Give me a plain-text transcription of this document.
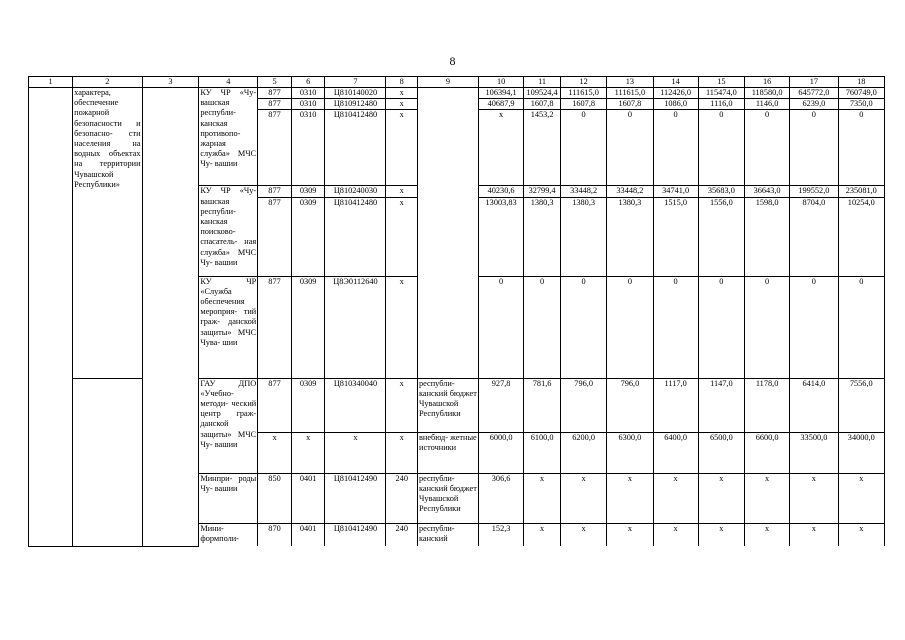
8
1	2	3	4	5	6	7	8	9	10	11	12	13	14	15	16	17	18
	характера, обеспечение пожарной безопасности и безопасно- сти населения на водных объектах на территории Чувашской Республики»		КУ ЧР «Чу- вашская республи- канская противопо- жарная служба» МЧС Чу- вашии	877	0310	Ц810140020	х		106394,1	109524,4	111615,0	111615,0	112426,0	115474,0	118580,0	645772,0	760749,0
				877	0310	Ц810912480	х		40687,9	1607,8	1607,8	1607,8	1086,0	1116,0	1146,0	6239,0	7350,0
				877	0310	Ц810412480	х		х	1453,2	0	0	0	0	0	0	0
			КУ ЧР «Чу- вашская республи- канская поисково- спасатель- ная служба» МЧС Чу- вашии	877	0309	Ц810240030	х		40230,6	32799,4	33448,2	33448,2	34741,0	35683,0	36643,0	199552,0	235081,0
				877	0309	Ц810412480	х		13003,83	1380,3	1380,3	1380,3	1515,0	1556,0	1598,0	8704,0	10254,0
			КУ ЧР «Служба обеспечения мероприя- тий граж- данской защиты» МЧС Чува- шии	877	0309	Ц8Э0112640	х		0	0	0	0	0	0	0	0	0
			ГАУ ДПО «Учебно- методи- ческий центр граж- данской защиты» МЧС Чу- вашии	877	0309	Ц810340040	х	республи- канский бюджет Чувашской Республики	927,8	781,6	796,0	796,0	1117,0	1147,0	1178,0	6414,0	7556,0
				х	х	х	х	внебюд- жетные источники	6000,0	6100,0	6200,0	6300,0	6400,0	6500,0	6600,0	33500,0	34000,0
			Минпри- роды Чу- вашии	850	0401	Ц810412490	240	республи- канский бюджет Чувашской Республики	306,6	х	х	х	х	х	х	х	х
			Мини- формполи-	870	0401	Ц810412490	240	республи- канский	152,3	х	х	х	х	х	х	х	х
